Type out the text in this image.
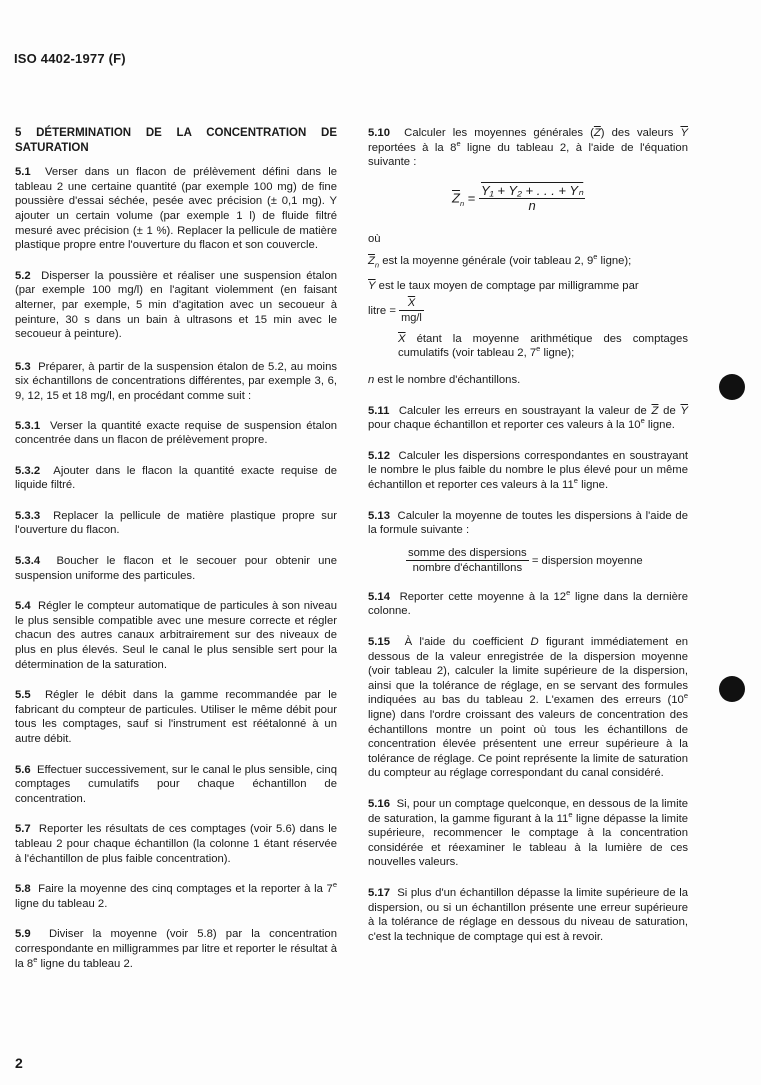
ISO 4402-1977 (F)
5 DÉTERMINATION DE LA CONCENTRATION DE SATURATION

5.1 Verser dans un flacon de prélèvement défini dans le tableau 2 une certaine quantité (par exemple 100 mg) de fine poussière d'essai séchée, pesée avec précision (± 0,1 mg). Y ajouter un certain volume (par exemple 1 l) de fluide filtré mesuré avec précision (± 1 %). Replacer la pellicule de matière plastique propre entre l'ouverture du flacon et son couvercle.

5.2 Disperser la poussière et réaliser une suspension étalon (par exemple 100 mg/l) en l'agitant violemment (en faisant alterner, par exemple, 5 min d'agitation avec un secoueur à peinture, 30 s dans un bain à ultrasons et 15 min avec le secoueur à peinture).

5.3 Préparer, à partir de la suspension étalon de 5.2, au moins six échantillons de concentrations différentes, par exemple 3, 6, 9, 12, 15 et 18 mg/l, en procédant comme suit :

5.3.1 Verser la quantité exacte requise de suspension étalon concentrée dans un flacon de prélèvement propre.

5.3.2 Ajouter dans le flacon la quantité exacte requise de liquide filtré.

5.3.3 Replacer la pellicule de matière plastique propre sur l'ouverture du flacon.

5.3.4 Boucher le flacon et le secouer pour obtenir une suspension uniforme des particules.

5.4 Régler le compteur automatique de particules à son niveau le plus sensible compatible avec une mesure correcte et régler chacun des autres canaux arbitrairement sur des niveaux de plus en plus élevés. Seul le canal le plus sensible sert pour la détermination de la saturation.

5.5 Régler le débit dans la gamme recommandée par le fabricant du compteur de particules. Utiliser le même débit pour tous les comptages, sauf si l'instrument est réétalonné à un autre débit.

5.6 Effectuer successivement, sur le canal le plus sensible, cinq comptages cumulatifs pour chaque échantillon de concentration.

5.7 Reporter les résultats de ces comptages (voir 5.6) dans le tableau 2 pour chaque échantillon (la colonne 1 étant réservée à l'échantillon de plus faible concentration).

5.8 Faire la moyenne des cinq comptages et la reporter à la 7e ligne du tableau 2.

5.9 Diviser la moyenne (voir 5.8) par la concentration correspondante en milligrammes par litre et reporter le résultat à la 8e ligne du tableau 2.

5.10 Calculer les moyennes générales $(\overline{Z})$ des valeurs $\overline{Y}$ reportées à la 8e ligne du tableau 2, à l'aide de l'équation suivante :

$\overline{Z}_n = \frac{\text{Y₁ + Y₂ + . . . + Yₙ}}{n}$

où

$\overline{Z}_n$ est la moyenne générale (voir tableau 2, 9e ligne);

$\overline{Y}$ est le taux moyen de comptage par milligramme par

litre = $\frac{\overline{X}}{mg/l}$

$\overline{X}$ étant la moyenne arithmétique des comptages cumulatifs (voir tableau 2, 7e ligne);

n est le nombre d'échantillons.

5.11 Calculer les erreurs en soustrayant la valeur de $\overline{Z}$ de $\overline{Y}$ pour chaque échantillon et reporter ces valeurs à la 10e ligne.

5.12 Calculer les dispersions correspondantes en soustrayant le nombre le plus faible du nombre le plus élevé pour un même échantillon et reporter ces valeurs à la 11e ligne.

5.13 Calculer la moyenne de toutes les dispersions à l'aide de la formule suivante :

$\frac{\text{somme des dispersions}}{\text{nombre d'échantillons}}$ = dispersion moyenne

5.14 Reporter cette moyenne à la 12e ligne dans la dernière colonne.

5.15 À l'aide du coefficient D figurant immédiatement en dessous de la valeur enregistrée de la dispersion moyenne (voir tableau 2), calculer la limite supérieure de la dispersion, ainsi que la tolérance de réglage, en se servant des formules indiquées au bas du tableau 2. L'examen des erreurs (10e ligne) dans l'ordre croissant des valeurs de concentration des échantillons montre un point où tous les échantillons de concentration élevée présentent une erreur supérieure à la tolérance de réglage. Ce point représente la limite de saturation du compteur au réglage correspondant du canal considéré.

5.16 Si, pour un comptage quelconque, en dessous de la limite de saturation, la gamme figurant à la 11e ligne dépasse la limite supérieure, recommencer le comptage à la concentration considérée et réexaminer le tableau à la lumière de ces nouvelles valeurs.

5.17 Si plus d'un échantillon dépasse la limite supérieure de la dispersion, ou si un échantillon présente une erreur supérieure à la tolérance de réglage en dessous du niveau de saturation, c'est la technique de comptage qui est à revoir.

2
